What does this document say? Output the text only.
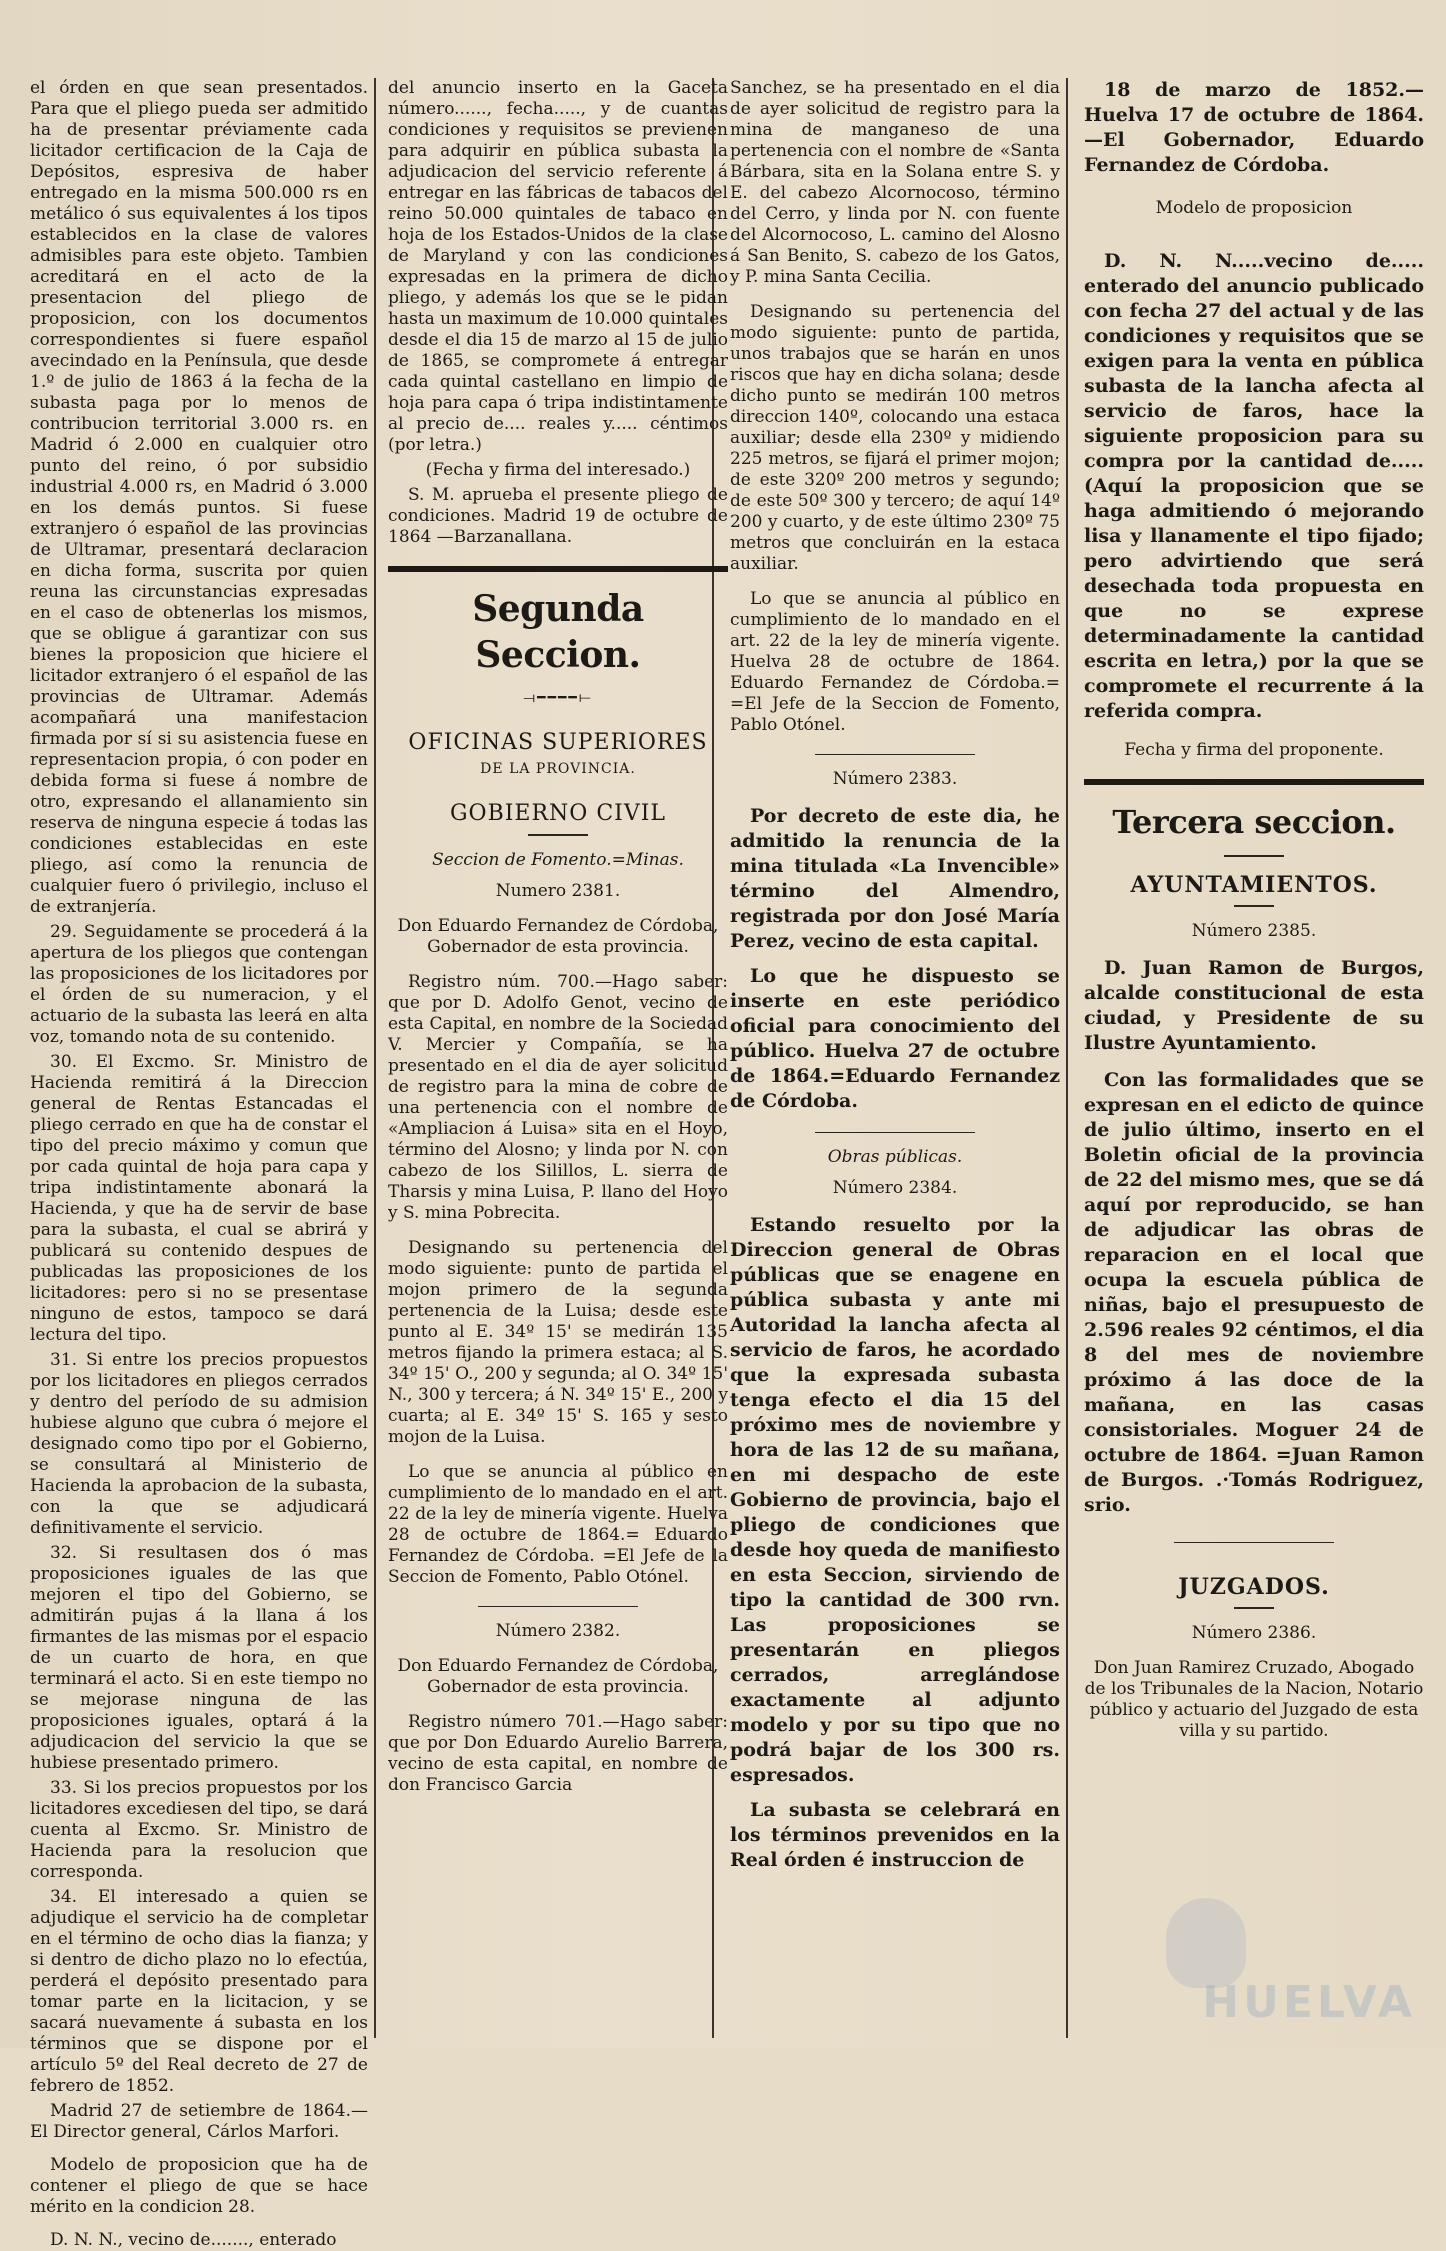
el órden en que sean presentados. Para que el pliego pueda ser admitido ha de presentar préviamente cada licitador certificacion de la Caja de Depósitos, espresiva de haber entregado en la misma 500.000 rs en metálico ó sus equivalentes á los tipos establecidos en la clase de valores admisibles para este objeto. Tambien acreditará en el acto de la presentacion del pliego de proposicion, con los documentos correspondientes si fuere español avecindado en la Península, que desde 1.º de julio de 1863 á la fecha de la subasta paga por lo menos de contribucion territorial 3.000 rs. en Madrid ó 2.000 en cualquier otro punto del reino, ó por subsidio industrial 4.000 rs, en Madrid ó 3.000 en los demás puntos. Si fuese extranjero ó español de las provincias de Ultramar, presentará declaracion en dicha forma, suscrita por quien reuna las circunstancias expresadas en el caso de obtenerlas los mismos, que se obligue á garantizar con sus bienes la proposicion que hiciere el licitador extranjero ó el español de las provincias de Ultramar. Además acompañará una manifestacion firmada por sí si su asistencia fuese en representacion propia, ó con poder en debida forma si fuese á nombre de otro, expresando el allanamiento sin reserva de ninguna especie á todas las condiciones establecidas en este pliego, así como la renuncia de cualquier fuero ó privilegio, incluso el de extranjería.

29. Seguidamente se procederá á la apertura de los pliegos que contengan las proposiciones de los licitadores por el órden de su numeracion, y el actuario de la subasta las leerá en alta voz, tomando nota de su contenido.

30. El Excmo. Sr. Ministro de Hacienda remitirá á la Direccion general de Rentas Estancadas el pliego cerrado en que ha de constar el tipo del precio máximo y comun que por cada quintal de hoja para capa y tripa indistintamente abonará la Hacienda, y que ha de servir de base para la subasta, el cual se abrirá y publicará su contenido despues de publicadas las proposiciones de los licitadores: pero si no se presentase ninguno de estos, tampoco se dará lectura del tipo.

31. Si entre los precios propuestos por los licitadores en pliegos cerrados y dentro del período de su admision hubiese alguno que cubra ó mejore el designado como tipo por el Gobierno, se consultará al Ministerio de Hacienda la aprobacion de la subasta, con la que se adjudicará definitivamente el servicio.

32. Si resultasen dos ó mas proposiciones iguales de las que mejoren el tipo del Gobierno, se admitirán pujas á la llana á los firmantes de las mismas por el espacio de un cuarto de hora, en que terminará el acto. Si en este tiempo no se mejorase ninguna de las proposiciones iguales, optará á la adjudicacion del servicio la que se hubiese presentado primero.

33. Si los precios propuestos por los licitadores excediesen del tipo, se dará cuenta al Excmo. Sr. Ministro de Hacienda para la resolucion que corresponda.

34. El interesado a quien se adjudique el servicio ha de completar en el término de ocho dias la fianza; y si dentro de dicho plazo no lo efectúa, perderá el depósito presentado para tomar parte en la licitacion, y se sacará nuevamente á subasta en los términos que se dispone por el artículo 5º del Real decreto de 27 de febrero de 1852.

Madrid 27 de setiembre de 1864.— El Director general, Cárlos Marfori.

Modelo de proposicion que ha de contener el pliego de que se hace mérito en la condicion 28.

D. N. N., vecino de......., enterado

del anuncio inserto en la Gaceta número......, fecha....., y de cuantas condiciones y requisitos se previenen para adquirir en pública subasta la adjudicacion del servicio referente á entregar en las fábricas de tabacos del reino 50.000 quintales de tabaco en hoja de los Estados-Unidos de la clase de Maryland y con las condiciones expresadas en la primera de dicho pliego, y además los que se le pidan hasta un maximum de 10.000 quintales desde el dia 15 de marzo al 15 de julio de 1865, se compromete á entregar cada quintal castellano en limpio de hoja para capa ó tripa indistintamente al precio de.... reales y..... céntimos (por letra.)

(Fecha y firma del interesado.)

S. M. aprueba el presente pliego de condiciones. Madrid 19 de octubre de 1864 —Barzanallana.

Segunda Seccion.
⟞━━━━⟝

OFICINAS SUPERIORES

DE LA PROVINCIA.

GOBIERNO CIVIL

Seccion de Fomento.=Minas.

Numero 2381.

Don Eduardo Fernandez de Córdoba, Gobernador de esta provincia.

Registro núm. 700.—Hago saber: que por D. Adolfo Genot, vecino de esta Capital, en nombre de la Sociedad V. Mercier y Compañía, se ha presentado en el dia de ayer solicitud de registro para la mina de cobre de una pertenencia con el nombre de «Ampliacion á Luisa» sita en el Hoyo, término del Alosno; y linda por N. con cabezo de los Silillos, L. sierra de Tharsis y mina Luisa, P. llano del Hoyo y S. mina Pobrecita.

Designando su pertenencia del modo siguiente: punto de partida el mojon primero de la segunda pertenencia de la Luisa; desde este punto al E. 34º 15' se medirán 135 metros fijando la primera estaca; al S. 34º 15' O., 200 y segunda; al O. 34º 15' N., 300 y tercera; á N. 34º 15' E., 200 y cuarta; al E. 34º 15' S. 165 y sesto mojon de la Luisa.

Lo que se anuncia al público en cumplimiento de lo mandado en el art. 22 de la ley de minería vigente. Huelva 28 de octubre de 1864.= Eduardo Fernandez de Córdoba. =El Jefe de la Seccion de Fomento, Pablo Otónel.

Número 2382.

Don Eduardo Fernandez de Córdoba, Gobernador de esta provincia.

Registro número 701.—Hago saber: que por Don Eduardo Aurelio Barrera, vecino de esta capital, en nombre de don Francisco Garcia

Sanchez, se ha presentado en el dia de ayer solicitud de registro para la mina de manganeso de una pertenencia con el nombre de «Santa Bárbara, sita en la Solana entre S. y E. del cabezo Alcornocoso, término del Cerro, y linda por N. con fuente del Alcornocoso, L. camino del Alosno á San Benito, S. cabezo de los Gatos, y P. mina Santa Cecilia.

Designando su pertenencia del modo siguiente: punto de partida, unos trabajos que se harán en unos riscos que hay en dicha solana; desde dicho punto se medirán 100 metros direccion 140º, colocando una estaca auxiliar; desde ella 230º y midiendo 225 metros, se fijará el primer mojon; de este 320º 200 metros y segundo; de este 50º 300 y tercero; de aquí 14º 200 y cuarto, y de este último 230º 75 metros que concluirán en la estaca auxiliar.

Lo que se anuncia al público en cumplimiento de lo mandado en el art. 22 de la ley de minería vigente. Huelva 28 de octubre de 1864. Eduardo Fernandez de Córdoba.= =El Jefe de la Seccion de Fomento, Pablo Otónel.

Número 2383.

Por decreto de este dia, he admitido la renuncia de la mina titulada «La Invencible» término del Almendro, registrada por don José María Perez, vecino de esta capital.

Lo que he dispuesto se inserte en este periódico oficial para conocimiento del público. Huelva 27 de octubre de 1864.=Eduardo Fernandez de Córdoba.

Obras públicas.

Número 2384.

Estando resuelto por la Direccion general de Obras públicas que se enagene en pública subasta y ante mi Autoridad la lancha afecta al servicio de faros, he acordado que la expresada subasta tenga efecto el dia 15 del próximo mes de noviembre y hora de las 12 de su mañana, en mi despacho de este Gobierno de provincia, bajo el pliego de condiciones que desde hoy queda de manifiesto en esta Seccion, sirviendo de tipo la cantidad de 300 rvn. Las proposiciones se presentarán en pliegos cerrados, arreglándose exactamente al adjunto modelo y por su tipo que no podrá bajar de los 300 rs. espresados.

La subasta se celebrará en los términos prevenidos en la Real órden é instruccion de

18 de marzo de 1852.— Huelva 17 de octubre de 1864.—El Gobernador, Eduardo Fernandez de Córdoba.

Modelo de proposicion

D. N. N.....vecino de..... enterado del anuncio publicado con fecha 27 del actual y de las condiciones y requisitos que se exigen para la venta en pública subasta de la lancha afecta al servicio de faros, hace la siguiente proposicion para su compra por la cantidad de.....(Aquí la proposicion que se haga admitiendo ó mejorando lisa y llanamente el tipo fijado; pero advirtiendo que será desechada toda propuesta en que no se exprese determinadamente la cantidad escrita en letra,) por la que se compromete el recurrente á la referida compra.

Fecha y firma del proponente.

Tercera seccion.

AYUNTAMIENTOS.

Número 2385.

D. Juan Ramon de Burgos, alcalde constitucional de esta ciudad, y Presidente de su Ilustre Ayuntamiento.

Con las formalidades que se expresan en el edicto de quince de julio último, inserto en el Boletin oficial de la provincia de 22 del mismo mes, que se dá aquí por reproducido, se han de adjudicar las obras de reparacion en el local que ocupa la escuela pública de niñas, bajo el presupuesto de 2.596 reales 92 céntimos, el dia 8 del mes de noviembre próximo á las doce de la mañana, en las casas consistoriales. Moguer 24 de octubre de 1864. =Juan Ramon de Burgos. .·Tomás Rodriguez, srio.

JUZGADOS.

Número 2386.

Don Juan Ramirez Cruzado, Abogado de los Tribunales de la Nacion, Notario público y actuario del Juzgado de esta villa y su partido.

HUELVA
